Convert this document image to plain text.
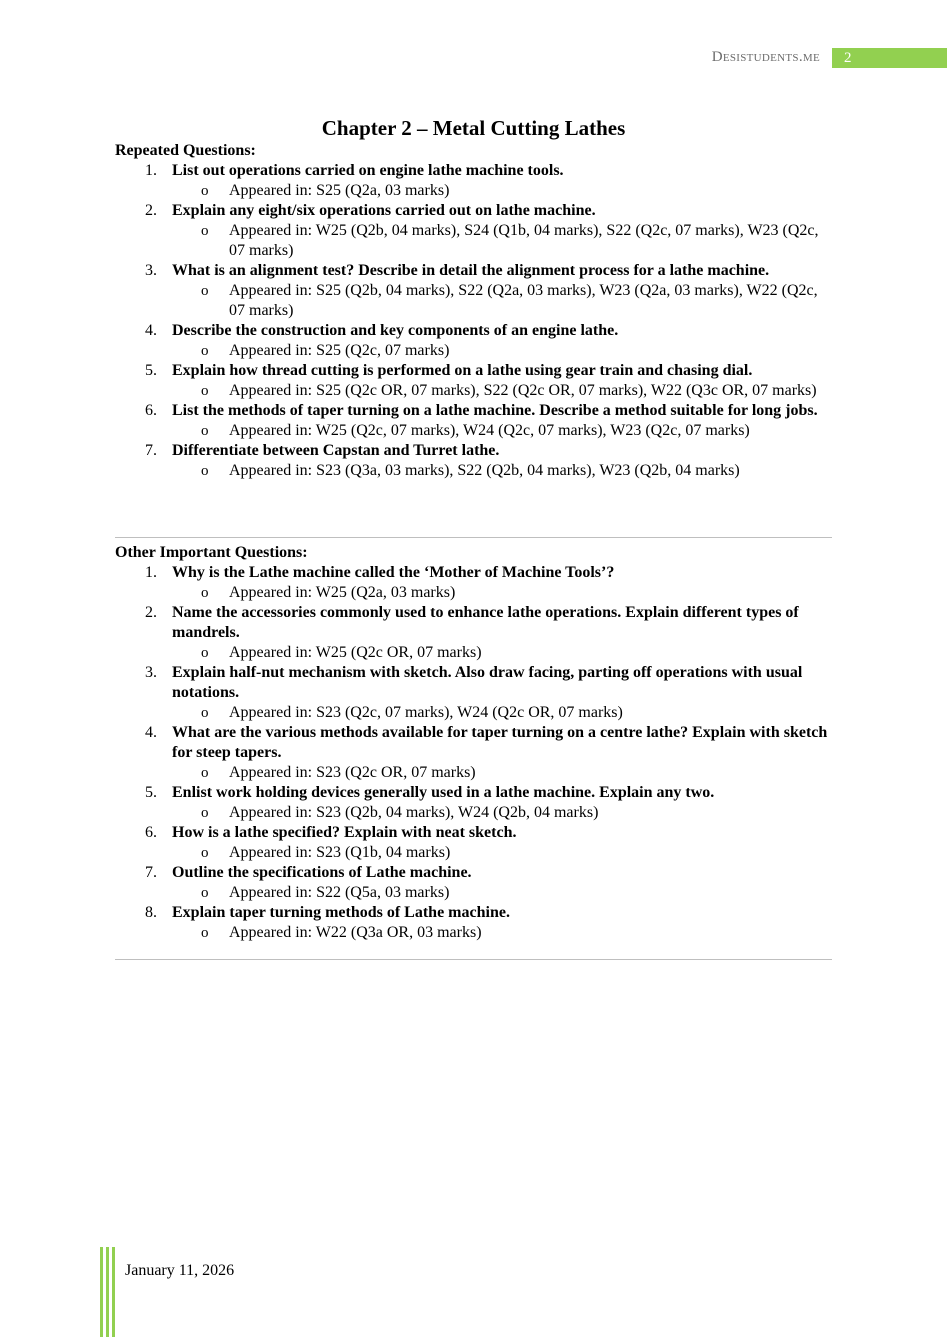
Desistudents.me	2
Chapter 2 – Metal Cutting Lathes

Repeated Questions:

List out operations carried on engine lathe machine tools.
o Appeared in: S25 (Q2a, 03 marks)
Explain any eight/six operations carried out on lathe machine.
o Appeared in: W25 (Q2b, 04 marks), S24 (Q1b, 04 marks), S22 (Q2c, 07 marks), W23 (Q2c, 07 marks)
What is an alignment test? Describe in detail the alignment process for a lathe machine.
o Appeared in: S25 (Q2b, 04 marks), S22 (Q2a, 03 marks), W23 (Q2a, 03 marks), W22 (Q2c, 07 marks)
Describe the construction and key components of an engine lathe.
o Appeared in: S25 (Q2c, 07 marks)
Explain how thread cutting is performed on a lathe using gear train and chasing dial.
o Appeared in: S25 (Q2c OR, 07 marks), S22 (Q2c OR, 07 marks), W22 (Q3c OR, 07 marks)
List the methods of taper turning on a lathe machine. Describe a method suitable for long jobs.
o Appeared in: W25 (Q2c, 07 marks), W24 (Q2c, 07 marks), W23 (Q2c, 07 marks)
Differentiate between Capstan and Turret lathe.
o Appeared in: S23 (Q3a, 03 marks), S22 (Q2b, 04 marks), W23 (Q2b, 04 marks)

Other Important Questions:

Why is the Lathe machine called the ‘Mother of Machine Tools’?
o Appeared in: W25 (Q2a, 03 marks)
Name the accessories commonly used to enhance lathe operations. Explain different types of mandrels.
o Appeared in: W25 (Q2c OR, 07 marks)
Explain half-nut mechanism with sketch. Also draw facing, parting off operations with usual notations.
o Appeared in: S23 (Q2c, 07 marks), W24 (Q2c OR, 07 marks)
What are the various methods available for taper turning on a centre lathe? Explain with sketch for steep tapers.
o Appeared in: S23 (Q2c OR, 07 marks)
Enlist work holding devices generally used in a lathe machine. Explain any two.
o Appeared in: S23 (Q2b, 04 marks), W24 (Q2b, 04 marks)
How is a lathe specified? Explain with neat sketch.
o Appeared in: S23 (Q1b, 04 marks)
Outline the specifications of Lathe machine.
o Appeared in: S22 (Q5a, 03 marks)
Explain taper turning methods of Lathe machine.
o Appeared in: W22 (Q3a OR, 03 marks)
January 11, 2026
